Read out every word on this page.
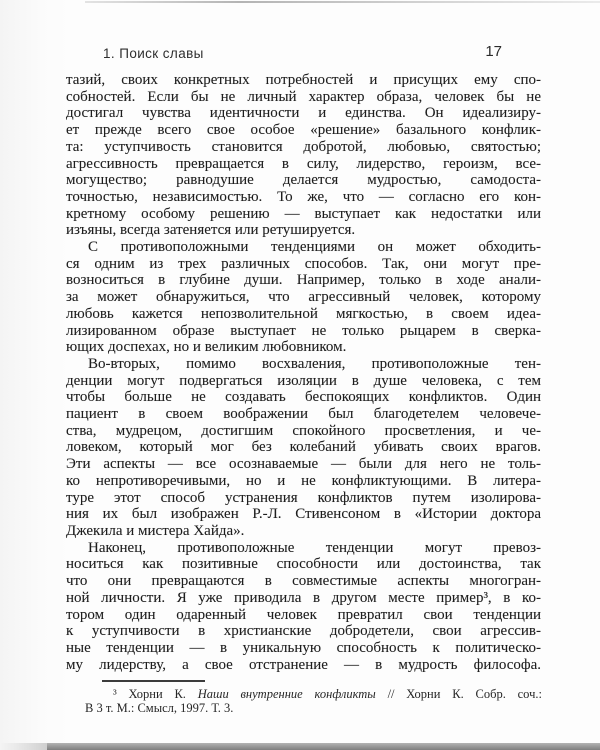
1. Поиск славы	17
тазий, своих конкретных потребностей и присущих ему спо-
собностей. Если бы не личный характер образа, человек бы не
достигал чувства идентичности и единства. Он идеализиру-
ет прежде всего свое особое «решение» базального конфлик-
та: уступчивость становится добротой, любовью, святостью;
агрессивность превращается в силу, лидерство, героизм, все-
могущество; равнодушие делается мудростью, самодоста-
точностью, независимостью. То же, что — согласно его кон-
кретному особому решению — выступает как недостатки или
изъяны, всегда затеняется или ретушируется.
С противоположными тенденциями он может обходить-
ся одним из трех различных способов. Так, они могут пре-
возноситься в глубине души. Например, только в ходе анали-
за может обнаружиться, что агрессивный человек, которому
любовь кажется непозволительной мягкостью, в своем идеа-
лизированном образе выступает не только рыцарем в сверка-
ющих доспехах, но и великим любовником.
Во-вторых, помимо восхваления, противоположные тен-
денции могут подвергаться изоляции в душе человека, с тем
чтобы больше не создавать беспокоящих конфликтов. Один
пациент в своем воображении был благодетелем человече-
ства, мудрецом, достигшим спокойного просветления, и че-
ловеком, который мог без колебаний убивать своих врагов.
Эти аспекты — все осознаваемые — были для него не толь-
ко непротиворечивыми, но и не конфликтующими. В литера-
туре этот способ устранения конфликтов путем изолирова-
ния их был изображен Р.-Л. Стивенсоном в «Истории доктора
Джекила и мистера Хайда».
Наконец, противоположные тенденции могут превоз-
носиться как позитивные способности или достоинства, так
что они превращаются в совместимые аспекты многогран-
ной личности. Я уже приводила в другом месте пример³, в ко-
тором один одаренный человек превратил свои тенденции
к уступчивости в христианские добродетели, свои агрессив-
ные тенденции — в уникальную способность к политическо-
му лидерству, а свое отстранение — в мудрость философа.
³ Хорни К. Наши внутренние конфликты // Хорни К. Собр. соч.:
В 3 т. М.: Смысл, 1997. Т. 3.
